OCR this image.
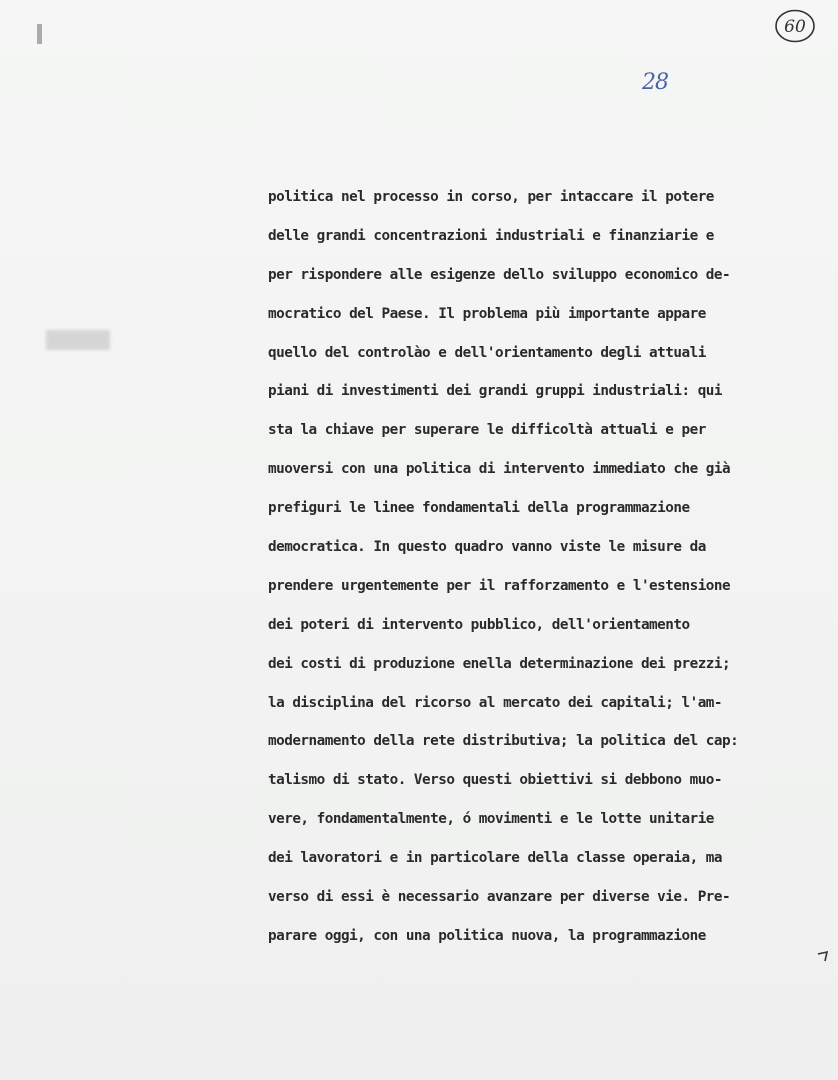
60
28
politica nel processo in corso, per intaccare il potere
delle grandi concentrazioni industriali e finanziarie e
per rispondere alle esigenze dello sviluppo economico de-
mocratico del Paese. Il problema più importante appare
quello del controlào e dell'orientamento degli attuali
piani di investimenti dei grandi gruppi industriali: qui
sta la chiave per superare le difficoltà attuali e per
muoversi con una politica di intervento immediato che già
prefiguri le linee fondamentali della programmazione
democratica. In questo quadro vanno viste le misure da
prendere urgentemente per il rafforzamento e l'estensione
dei poteri di intervento pubblico, dell'orientamento
dei costi di produzione enella determinazione dei prezzi;
la disciplina del ricorso al mercato dei capitali; l'am-
modernamento della rete distributiva; la politica del cap:
talismo di stato. Verso questi obiettivi si debbono muo-
vere, fondamentalmente, ó movimenti e le lotte unitarie
dei lavoratori e in particolare della classe operaia, ma
verso di essi è necessario avanzare per diverse vie. Pre-
parare oggi, con una politica nuova, la programmazione
